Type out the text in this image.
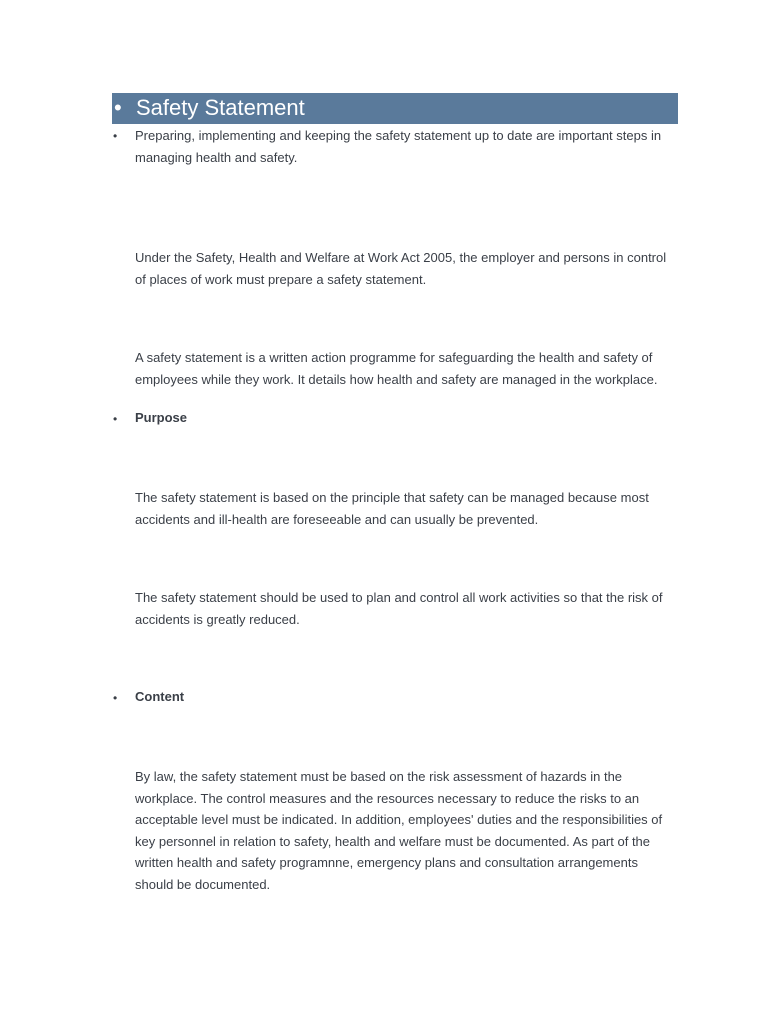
• Safety Statement
• Preparing, implementing and keeping the safety statement up to date are important steps in managing health and safety.

Under the Safety, Health and Welfare at Work Act 2005, the employer and persons in control of places of work must prepare a safety statement.

A safety statement is a written action programme for safeguarding the health and safety of employees while they work. It details how health and safety are managed in the workplace.

• Purpose

The safety statement is based on the principle that safety can be managed because most accidents and ill-health are foreseeable and can usually be prevented.

The safety statement should be used to plan and control all work activities so that the risk of accidents is greatly reduced.

• Content

By law, the safety statement must be based on the risk assessment of hazards in the workplace. The control measures and the resources necessary to reduce the risks to an acceptable level must be indicated. In addition, employees' duties and the responsibilities of key personnel in relation to safety, health and welfare must be documented. As part of the written health and safety programnne, emergency plans and consultation arrangements should be documented.
